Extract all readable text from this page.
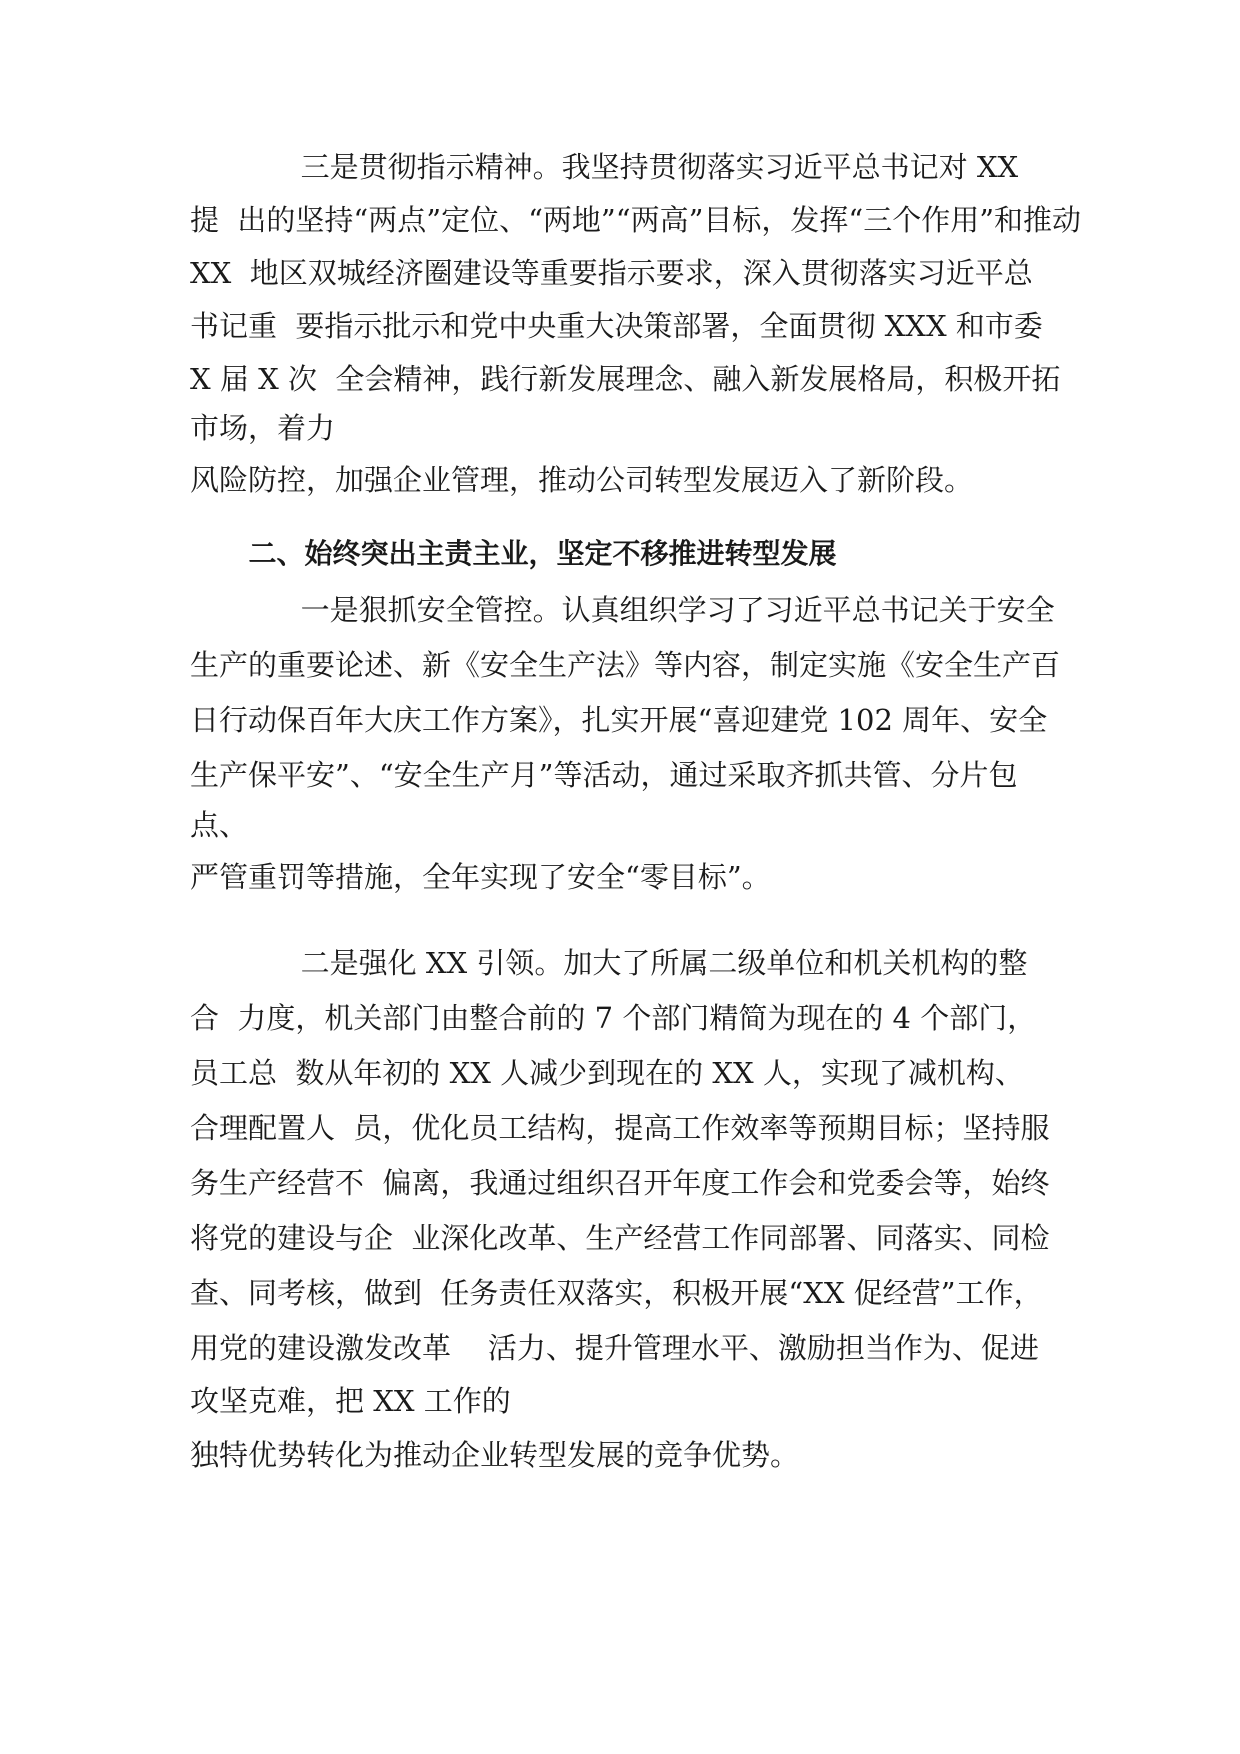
三是贯彻指示精神。我坚持贯彻落实习近平总书记对 XX
提  出的坚持“两点”定位、“两地”“两高”目标，发挥“三个作用”和推动
XX  地区双城经济圈建设等重要指示要求，深入贯彻落实习近平总
书记重  要指示批示和党中央重大决策部署，全面贯彻 XXX 和市委
X 届 X 次  全会精神，践行新发展理念、融入新发展格局，积极开拓
市场，着力
风险防控，加强企业管理，推动公司转型发展迈入了新阶段。
二、始终突出主责主业，坚定不移推进转型发展
一是狠抓安全管控。认真组织学习了习近平总书记关于安全
生产的重要论述、新《安全生产法》等内容，制定实施《安全生产百
日行动保百年大庆工作方案》，扎实开展“喜迎建党 102 周年、安全
生产保平安”、“安全生产月”等活动，通过采取齐抓共管、分片包
点、
严管重罚等措施，全年实现了安全“零目标”。
二是强化 XX 引领。加大了所属二级单位和机关机构的整
合  力度，机关部门由整合前的 7 个部门精简为现在的 4 个部门，
员工总  数从年初的 XX 人减少到现在的 XX 人，实现了减机构、
合理配置人  员，优化员工结构，提高工作效率等预期目标；坚持服
务生产经营不  偏离，我通过组织召开年度工作会和党委会等，始终
将党的建设与企  业深化改革、生产经营工作同部署、同落实、同检
查、同考核，做到  任务责任双落实，积极开展“XX 促经营”工作，
用党的建设激发改革    活力、提升管理水平、激励担当作为、促进
攻坚克难，把 XX 工作的
独特优势转化为推动企业转型发展的竞争优势。
